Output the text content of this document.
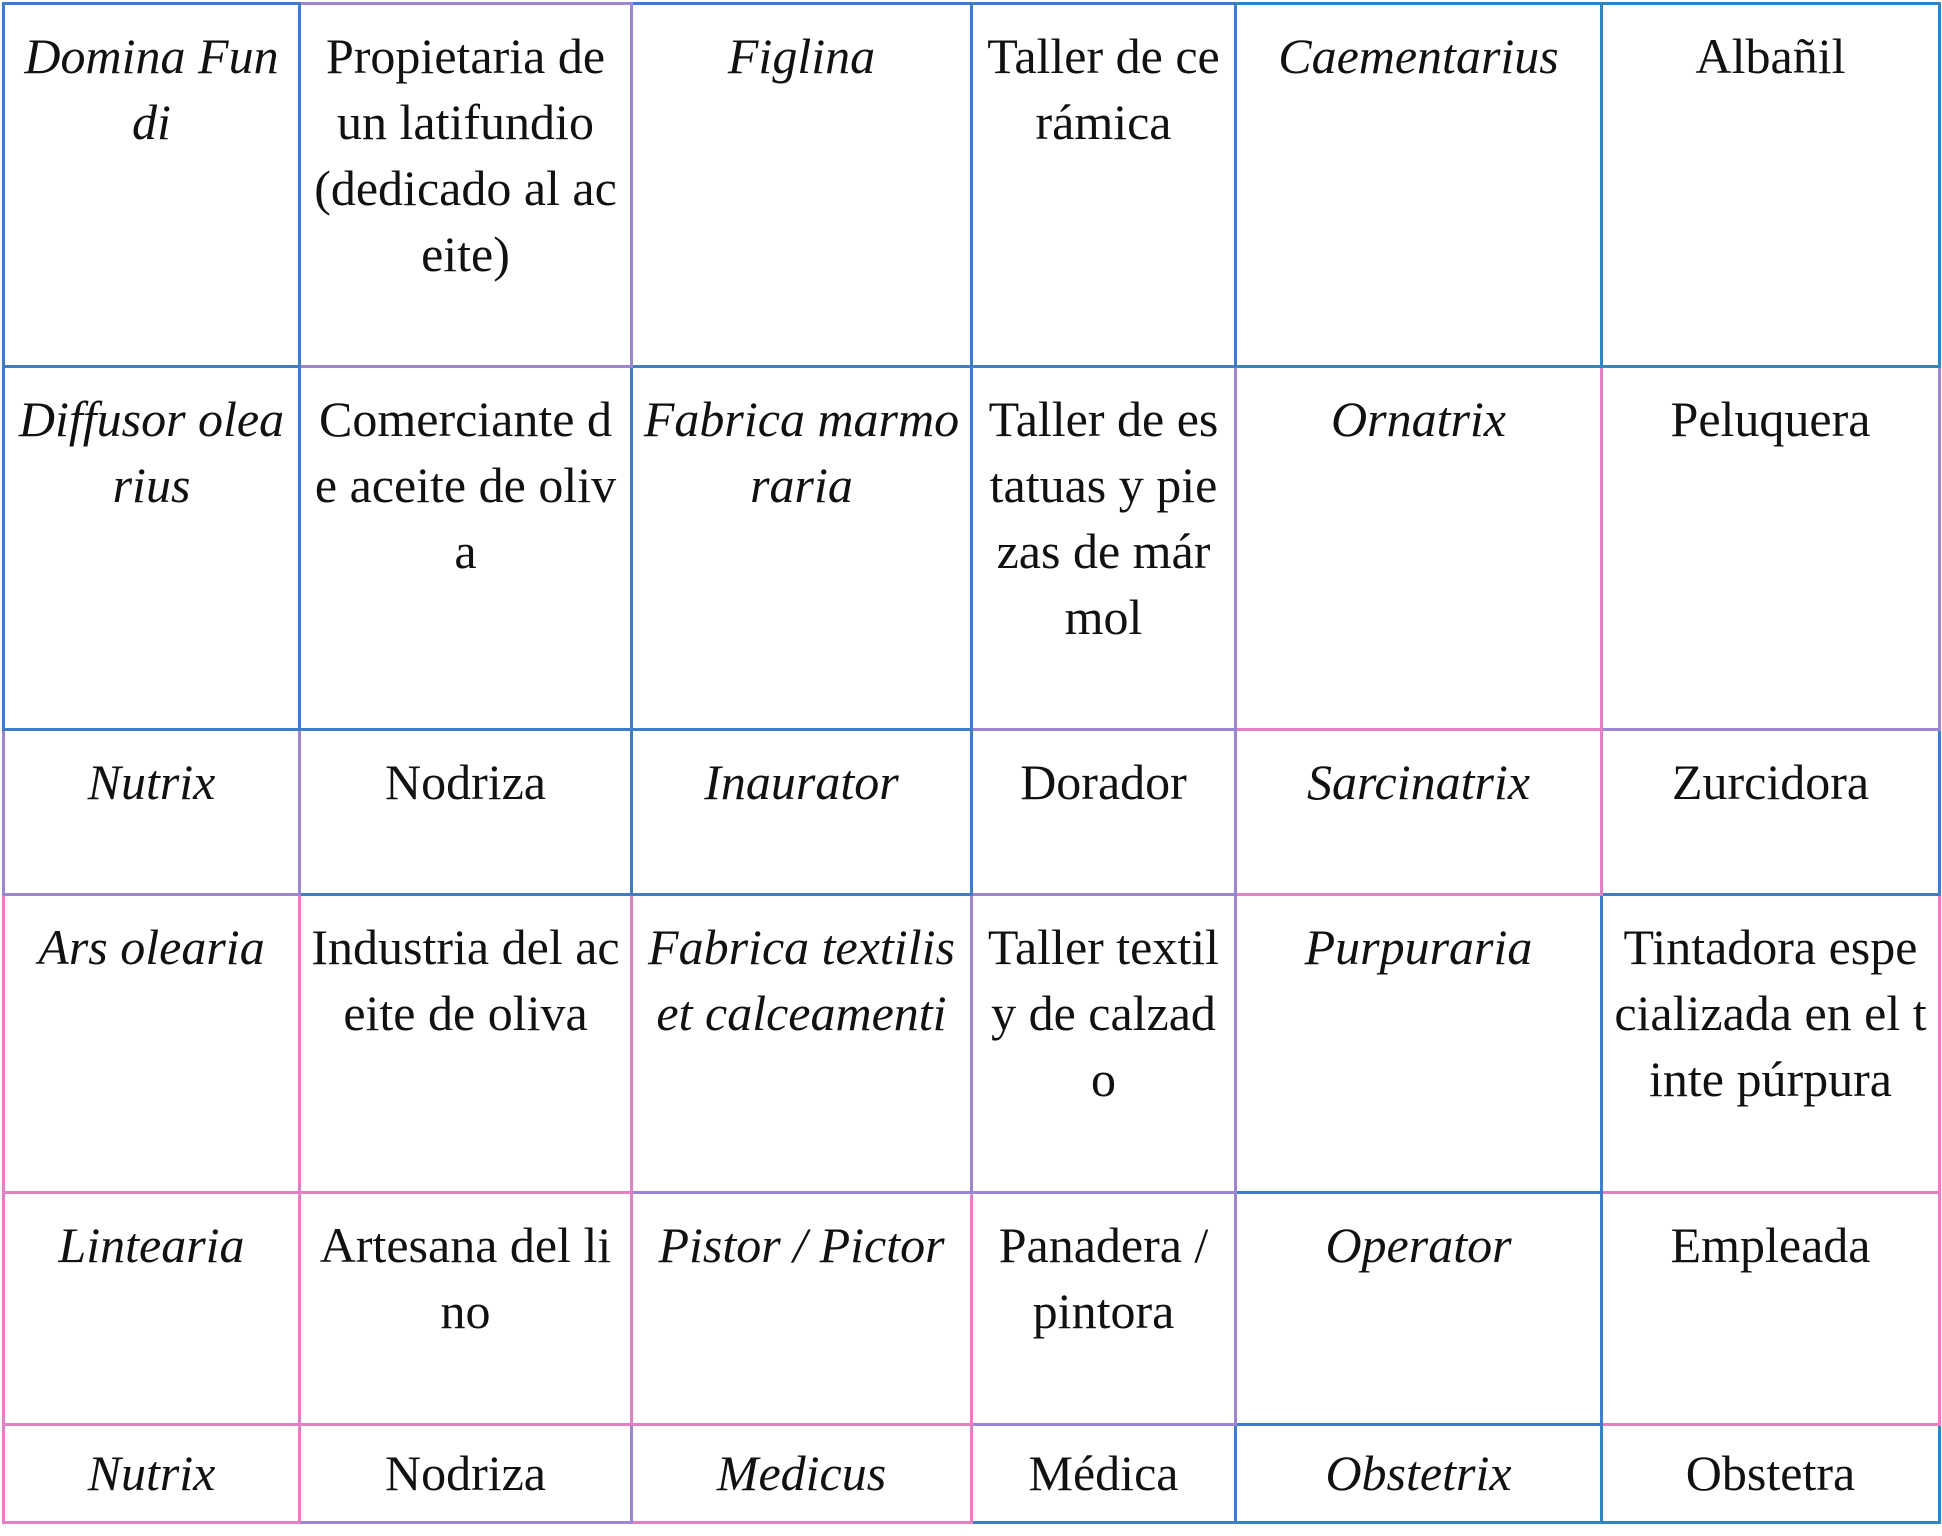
Domina Fundi	Propietaria de un latifundio (dedicado al aceite)	Figlina	Taller de cerámica	Caementarius	Albañil
Diffusor olearius	Comerciante de aceite de oliva	Fabrica marmoraria	Taller de estatuas y piezas de mármol	Ornatrix	Peluquera
Nutrix	Nodriza	Inaurator	Dorador	Sarcinatrix	Zurcidora
Ars olearia	Industria del aceite de oliva	Fabrica textilis et calceamenti	Taller textil y de calzado	Purpuraria	Tintadora especializada en el tinte púrpura
Lintearia	Artesana del lino	Pistor / Pictor	Panadera / pintora	Operator	Empleada
Nutrix	Nodriza	Medicus	Médica	Obstetrix	Obstetra
